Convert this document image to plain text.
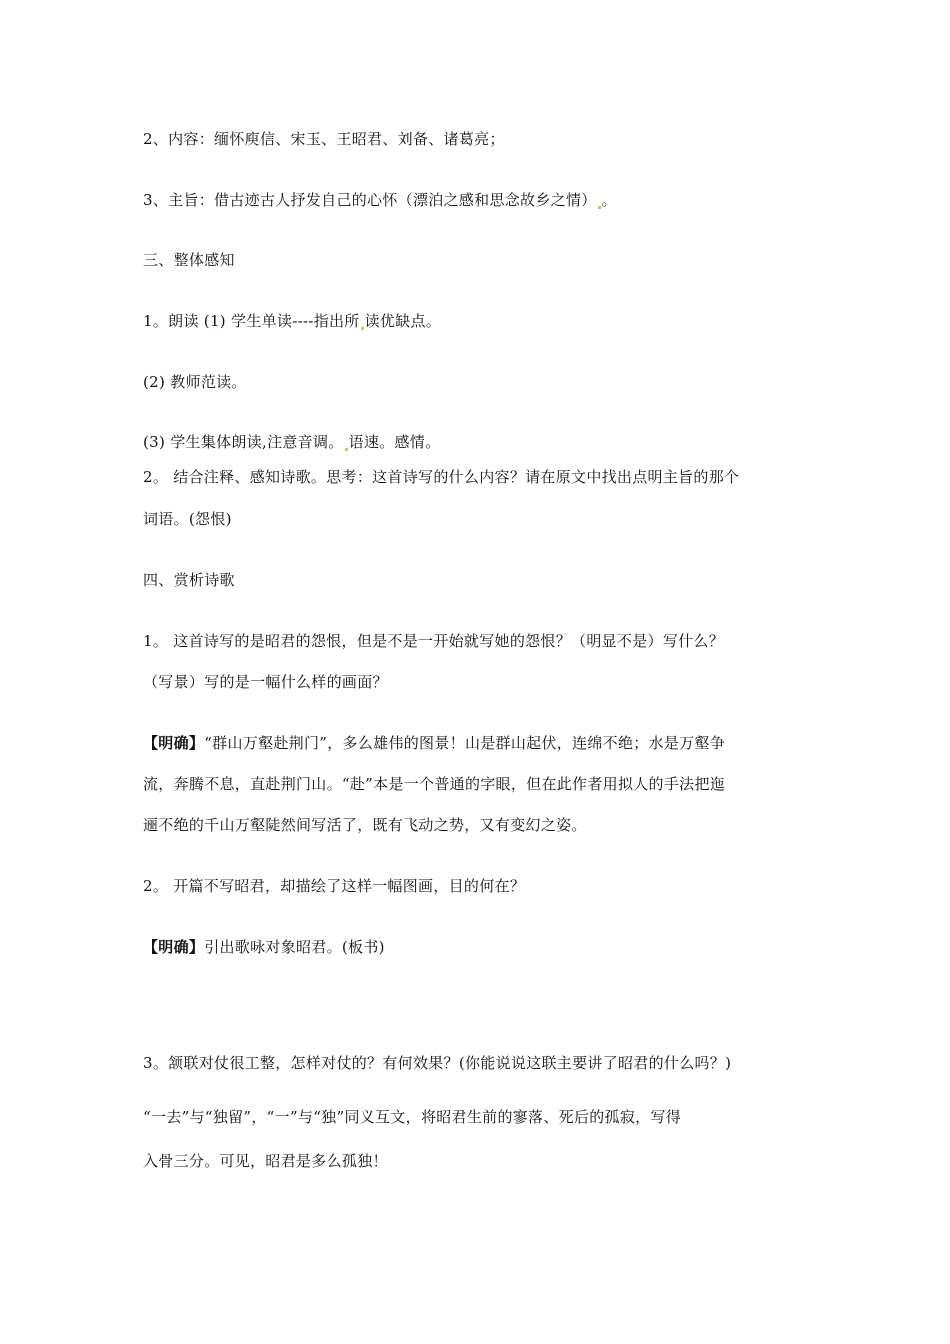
2、内容：缅怀庾信、宋玉、王昭君、刘备、诸葛亮；
3、主旨：借古迹古人抒发自己的心怀（漂泊之感和思念故乡之情） 。
三、整体感知
1。朗读 (1) 学生单读----指出所 读优缺点。
(2) 教师范读。
(3) 学生集体朗读,注意音调。 语速。感情。
2。 结合注释、感知诗歌。思考：这首诗写的什么内容？请在原文中找出点明主旨的那个
词语。(怨恨)
四、赏析诗歌
1。 这首诗写的是昭君的怨恨，但是不是一开始就写她的怨恨？（明显不是）写什么？
（写景）写的是一幅什么样的画面？
【明确】“群山万壑赴荆门”，多么雄伟的图景！山是群山起伏，连绵不绝；水是万壑争
流，奔腾不息，直赴荆门山。“赴”本是一个普通的字眼，但在此作者用拟人的手法把迤
逦不绝的千山万壑陡然间写活了，既有飞动之势，又有变幻之姿。
2。 开篇不写昭君，却描绘了这样一幅图画，目的何在？
【明确】引出歌咏对象昭君。(板书)
3。颔联对仗很工整，怎样对仗的？有何效果？(你能说说这联主要讲了昭君的什么吗？)
“一去”与“独留”，“一”与“独”同义互文，将昭君生前的寥落、死后的孤寂，写得
入骨三分。可见，昭君是多么孤独！
